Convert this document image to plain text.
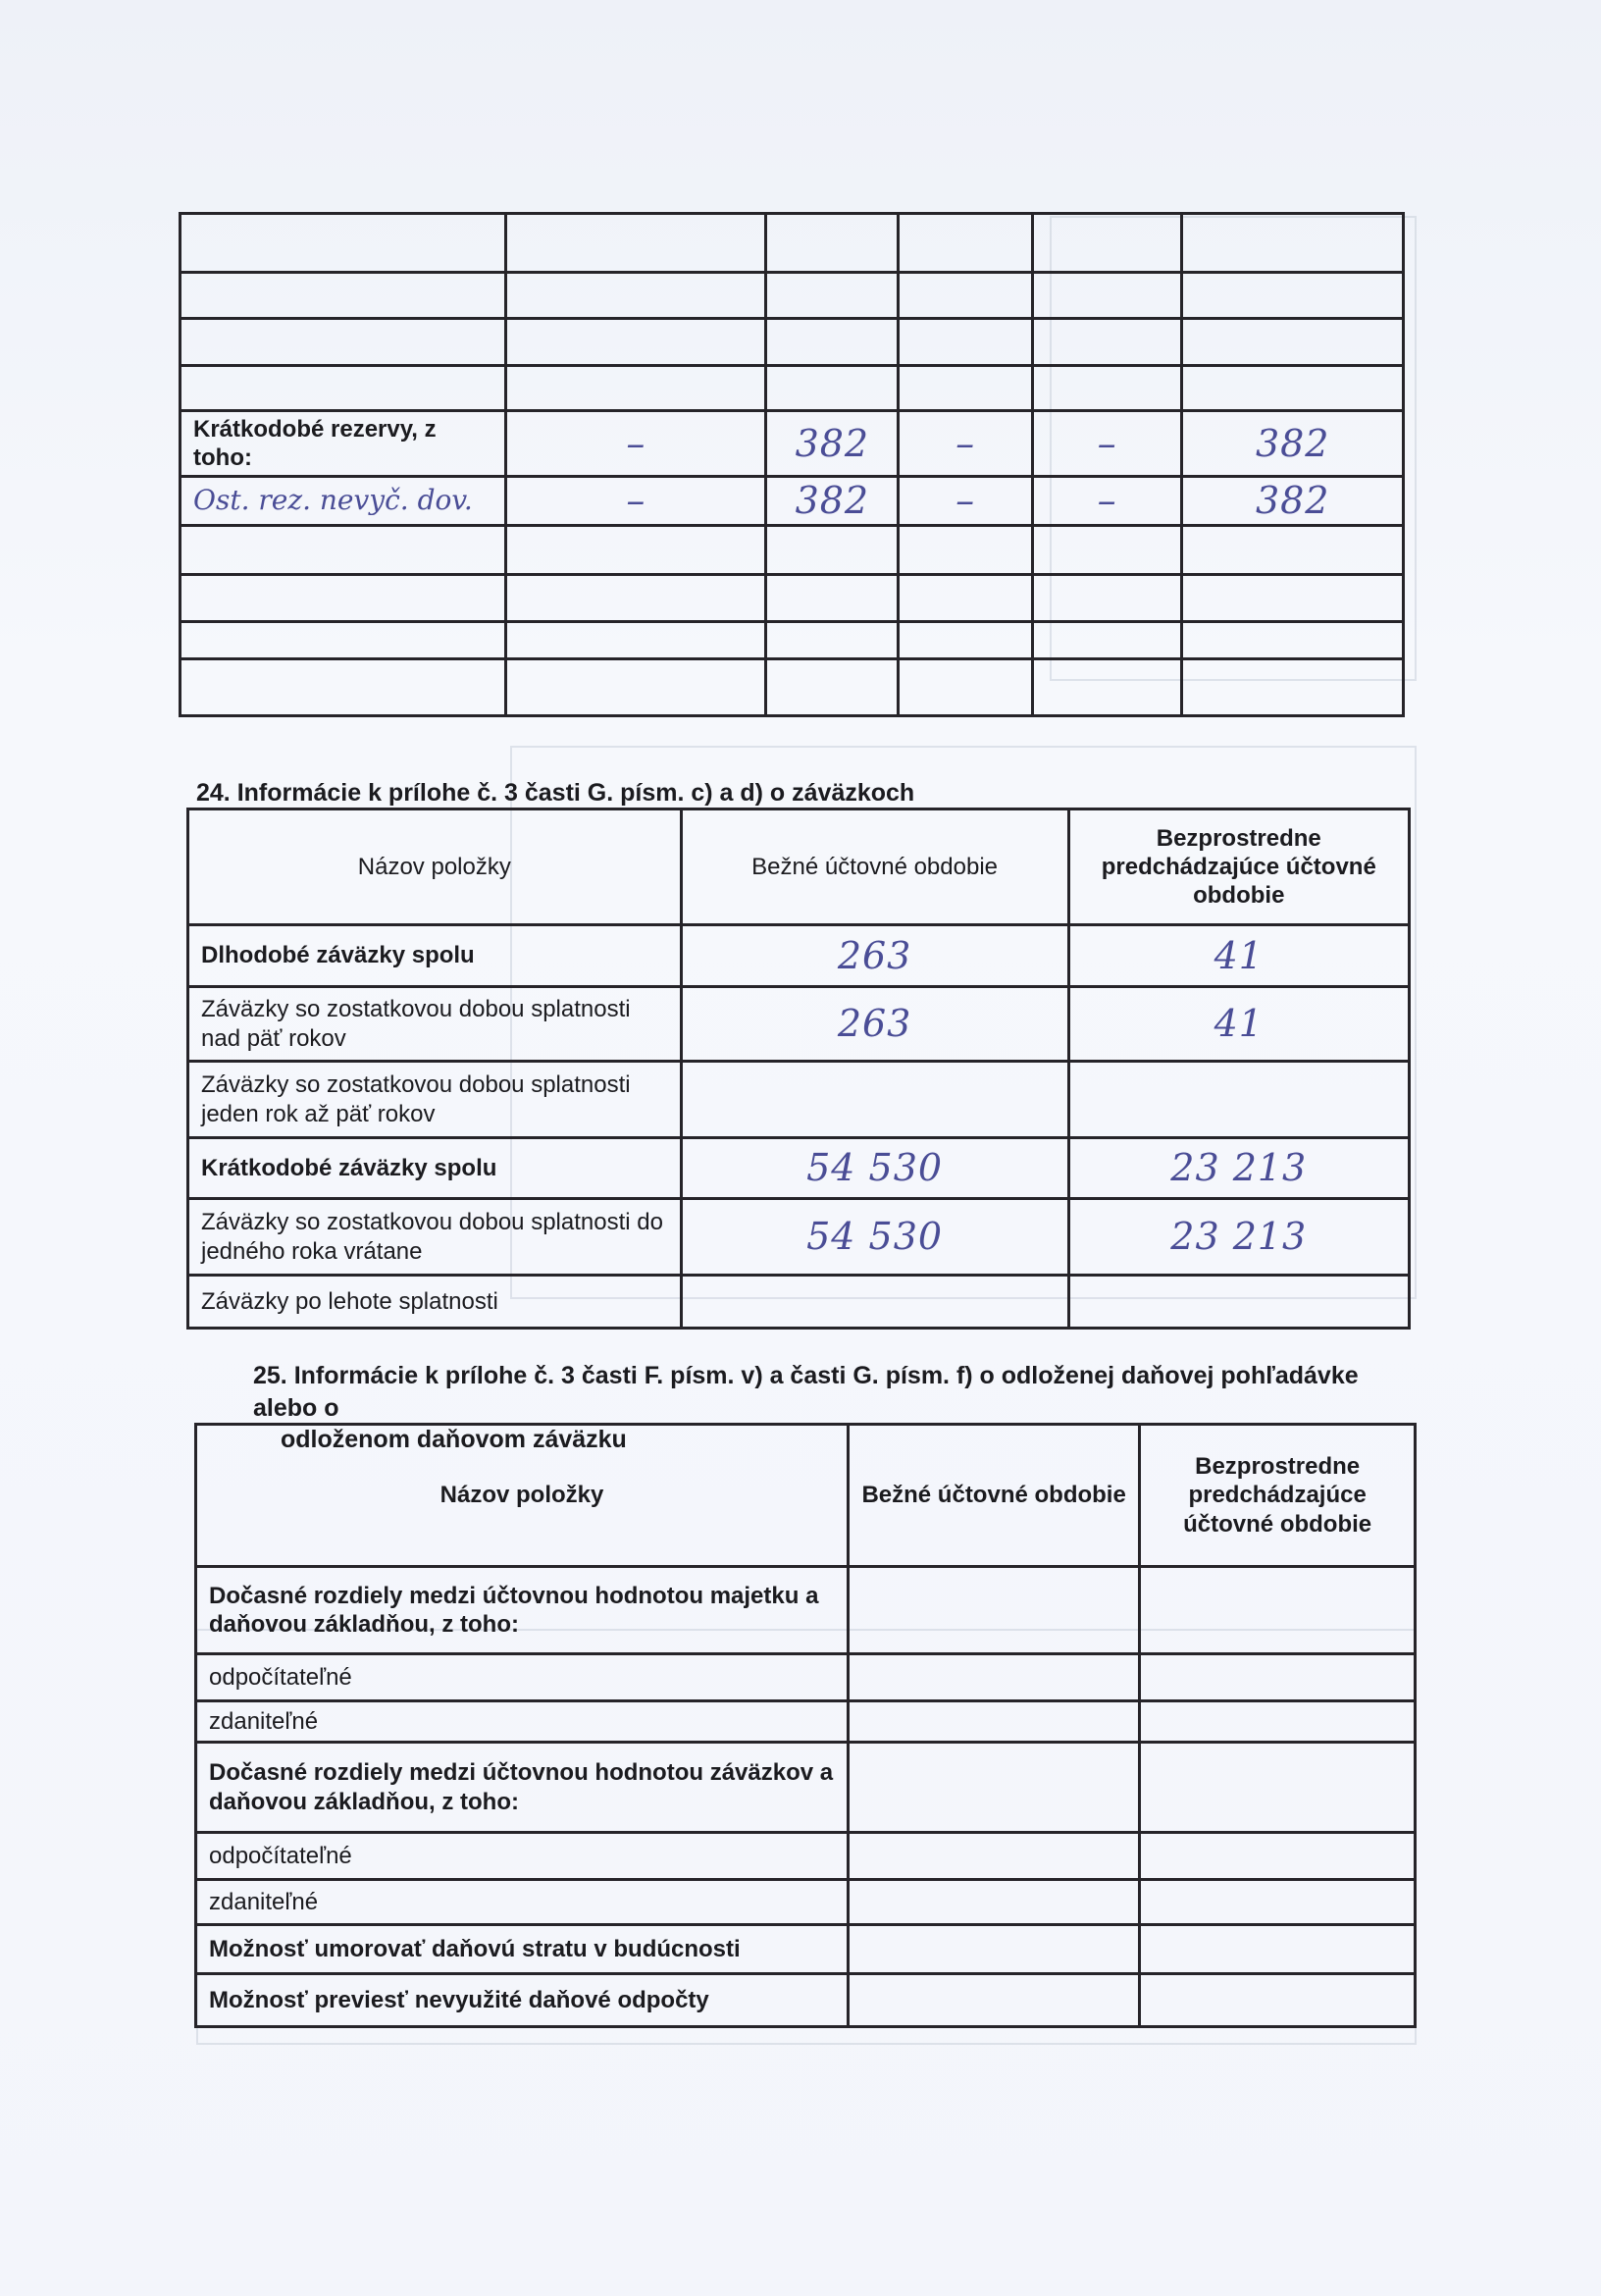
Krátkodobé rezervy, z toho:	–	382	–	–	382
Ost. rez. nevyč. dov.	–	382	–	–	382

24. Informácie k prílohe č. 3 časti G. písm. c) a d) o záväzkoch
Názov položky	Bežné účtovné obdobie	Bezprostredne predchádzajúce účtovné obdobie
Dlhodobé záväzky spolu	263	41
Záväzky so zostatkovou dobou splatnosti nad päť rokov	263	41
Záväzky so zostatkovou dobou splatnosti jeden rok až päť rokov		
Krátkodobé záväzky spolu	54 530	23 213
Záväzky so zostatkovou dobou splatnosti do jedného roka vrátane	54 530	23 213
Záväzky po lehote splatnosti		
25. Informácie k prílohe č. 3 časti F. písm. v) a časti G. písm. f) o odloženej daňovej pohľadávke alebo o
odloženom daňovom záväzku
Názov položky	Bežné účtovné obdobie	Bezprostredne predchádzajúce účtovné obdobie
Dočasné rozdiely medzi účtovnou hodnotou majetku a daňovou základňou, z toho:		
odpočítateľné		
zdaniteľné		
Dočasné rozdiely medzi účtovnou hodnotou záväzkov a daňovou základňou, z toho:		
odpočítateľné		
zdaniteľné		
Možnosť umorovať daňovú stratu v budúcnosti		
Možnosť previesť nevyužité daňové odpočty		
